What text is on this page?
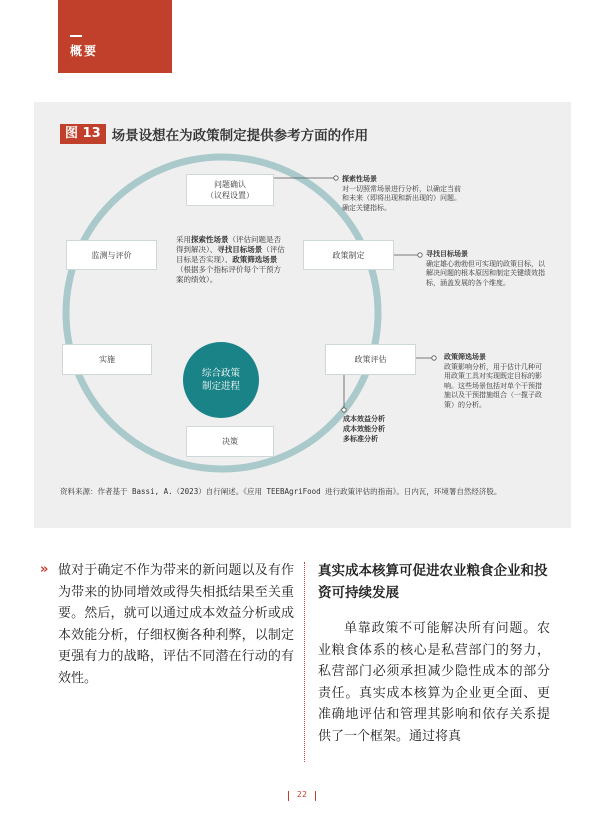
概要
图 13 场景设想在为政策制定提供参考方面的作用
问题确认
（议程设置）
政策制定
政策评估
决策
实施
监测与评价
综合政策
制定进程
采用探索性场景（评估问题是否得到解决）、寻找目标场景（评估目标是否实现）、政策筛选场景（根据多个指标评价每个干预方案的绩效）。
探索性场景
对一切照常场景进行分析，以确定当前和未来（即将出现和新出现的）问题。确定关键指标。
寻找目标场景
确定雄心勃勃但可实现的政策目标，以解决问题的根本原因和制定关键绩效指标，涵盖发展的各个维度。
政策筛选场景
政策影响分析，用于估计几种可用政策工具对实现既定目标的影响。这些场景包括对单个干预措施以及干预措施组合（一揽子政策）的分析。
成本效益分析
成本效能分析
多标准分析
资料来源：作者基于 Bassi, A.（2023）自行阐述。《应用 TEEBAgriFood 进行政策评估的指南》。日内瓦，环境署自然经济股。
» 做对于确定不作为带来的新问题以及有作为带来的协同增效或得失相抵结果至关重要。然后，就可以通过成本效益分析或成本效能分析，仔细权衡各种利弊，以制定更强有力的战略，评估不同潜在行动的有效性。
真实成本核算可促进农业粮食企业和投资可持续发展

单靠政策不可能解决所有问题。农业粮食体系的核心是私营部门的努力，私营部门必须承担减少隐性成本的部分责任。真实成本核算为企业更全面、更准确地评估和管理其影响和依存关系提供了一个框架。通过将真

22
